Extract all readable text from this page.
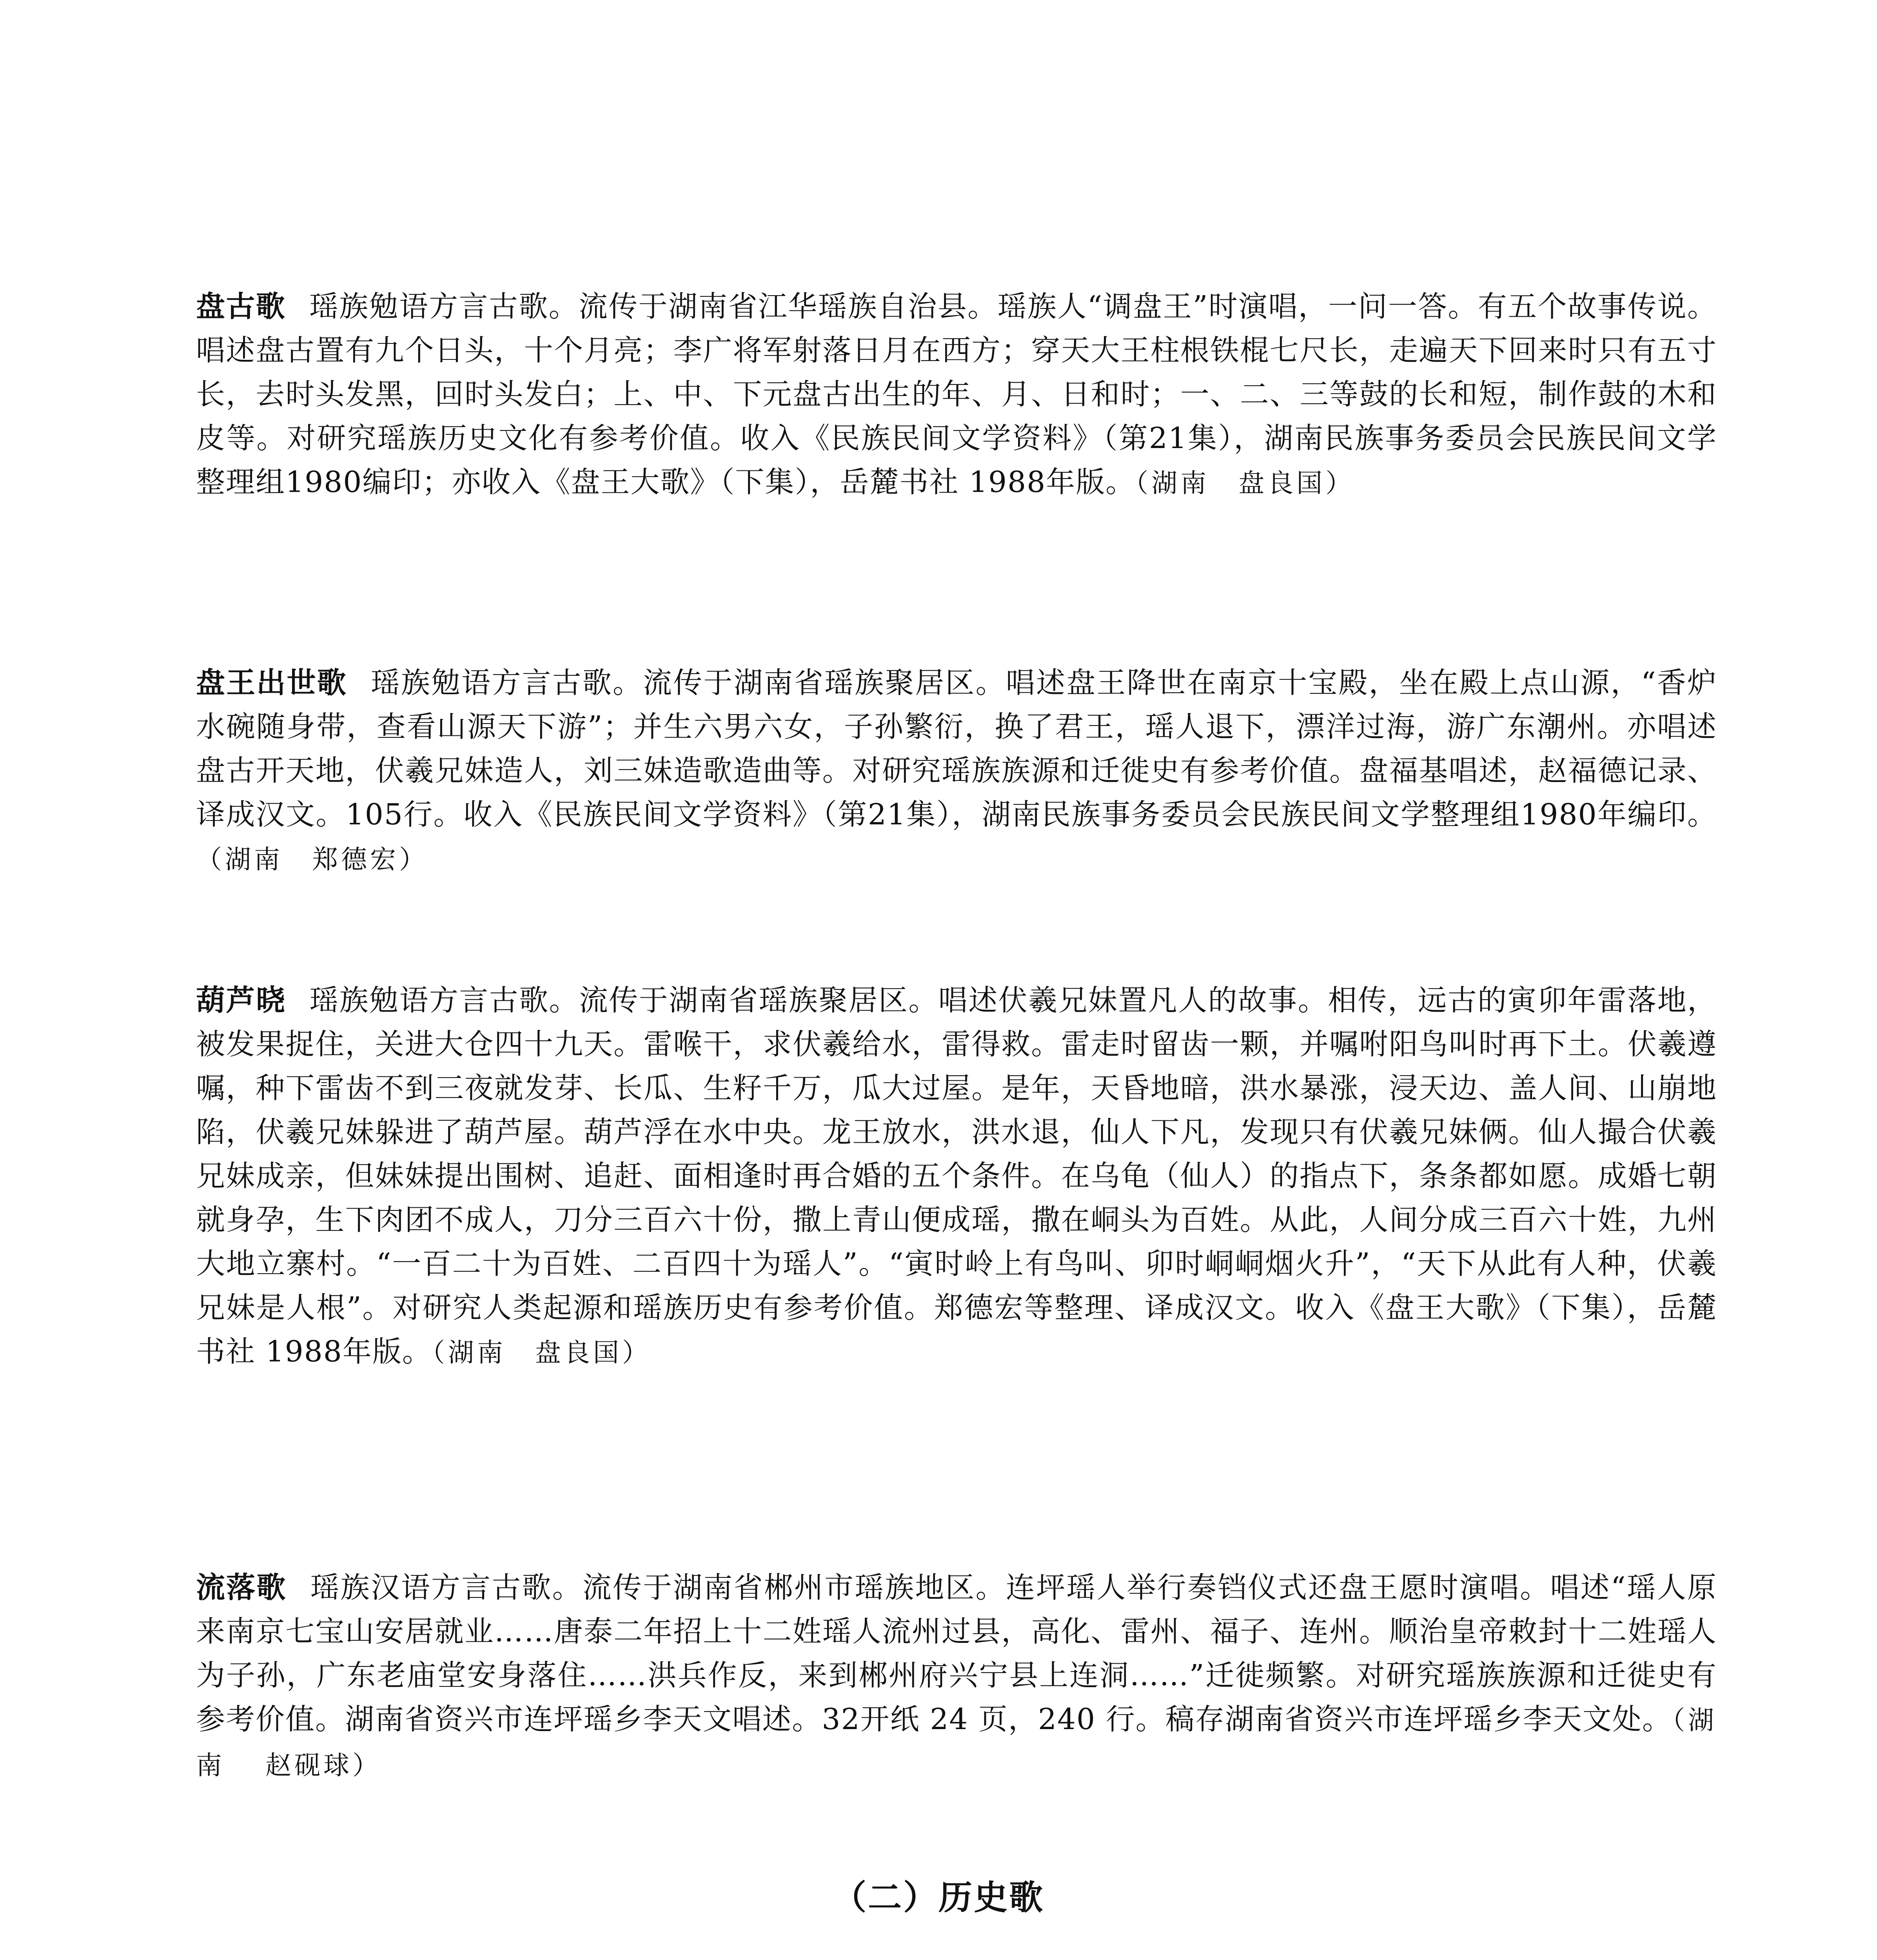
盘古歌 瑶族勉语方言古歌。流传于湖南省江华瑶族自治县。瑶族人“调盘王”时演唱，一问一答。有五个故事传说。唱述盘古置有九个日头，十个月亮；李广将军射落日月在西方；穿天大王柱根铁棍七尺长，走遍天下回来时只有五寸长，去时头发黑，回时头发白；上、中、下元盘古出生的年、月、日和时；一、二、三等鼓的长和短，制作鼓的木和皮等。对研究瑶族历史文化有参考价值。收入《民族民间文学资料》（第21集），湖南民族事务委员会民族民间文学整理组1980编印；亦收入《盘王大歌》（下集），岳麓书社 1988年版。（湖南　盘良国）

盘王出世歌 瑶族勉语方言古歌。流传于湖南省瑶族聚居区。唱述盘王降世在南京十宝殿，坐在殿上点山源，“香炉水碗随身带，查看山源天下游”；并生六男六女，子孙繁衍，换了君王，瑶人退下，漂洋过海，游广东潮州。亦唱述盘古开天地，伏羲兄妹造人，刘三妹造歌造曲等。对研究瑶族族源和迁徙史有参考价值。盘福基唱述，赵福德记录、译成汉文。105行。收入《民族民间文学资料》（第21集），湖南民族事务委员会民族民间文学整理组1980年编印。（湖南　郑德宏）

葫芦晓 瑶族勉语方言古歌。流传于湖南省瑶族聚居区。唱述伏羲兄妹置凡人的故事。相传，远古的寅卯年雷落地，被发果捉住，关进大仓四十九天。雷喉干，求伏羲给水，雷得救。雷走时留齿一颗，并嘱咐阳鸟叫时再下土。伏羲遵嘱，种下雷齿不到三夜就发芽、长瓜、生籽千万，瓜大过屋。是年，天昏地暗，洪水暴涨，浸天边、盖人间、山崩地陷，伏羲兄妹躲进了葫芦屋。葫芦浮在水中央。龙王放水，洪水退，仙人下凡，发现只有伏羲兄妹俩。仙人撮合伏羲兄妹成亲，但妹妹提出围树、追赶、面相逢时再合婚的五个条件。在乌龟（仙人）的指点下，条条都如愿。成婚七朝就身孕，生下肉团不成人，刀分三百六十份，撒上青山便成瑶，撒在峒头为百姓。从此，人间分成三百六十姓，九州大地立寨村。“一百二十为百姓、二百四十为瑶人”。“寅时岭上有鸟叫、卯时峒峒烟火升”，“天下从此有人种，伏羲兄妹是人根”。对研究人类起源和瑶族历史有参考价值。郑德宏等整理、译成汉文。收入《盘王大歌》（下集），岳麓书社 1988年版。（湖南　盘良国）

流落歌 瑶族汉语方言古歌。流传于湖南省郴州市瑶族地区。连坪瑶人举行奏铛仪式还盘王愿时演唱。唱述“瑶人原来南京七宝山安居就业……唐泰二年招上十二姓瑶人流州过县，高化、雷州、福子、连州。顺治皇帝敕封十二姓瑶人为子孙，广东老庙堂安身落住……洪兵作反，来到郴州府兴宁县上连洞……”迁徙频繁。对研究瑶族族源和迁徙史有参考价值。湖南省资兴市连坪瑶乡李天文唱述。32开纸 24 页，240 行。稿存湖南省资兴市连坪瑶乡李天文处。（湖南　 赵砚球）

（二）历史歌
